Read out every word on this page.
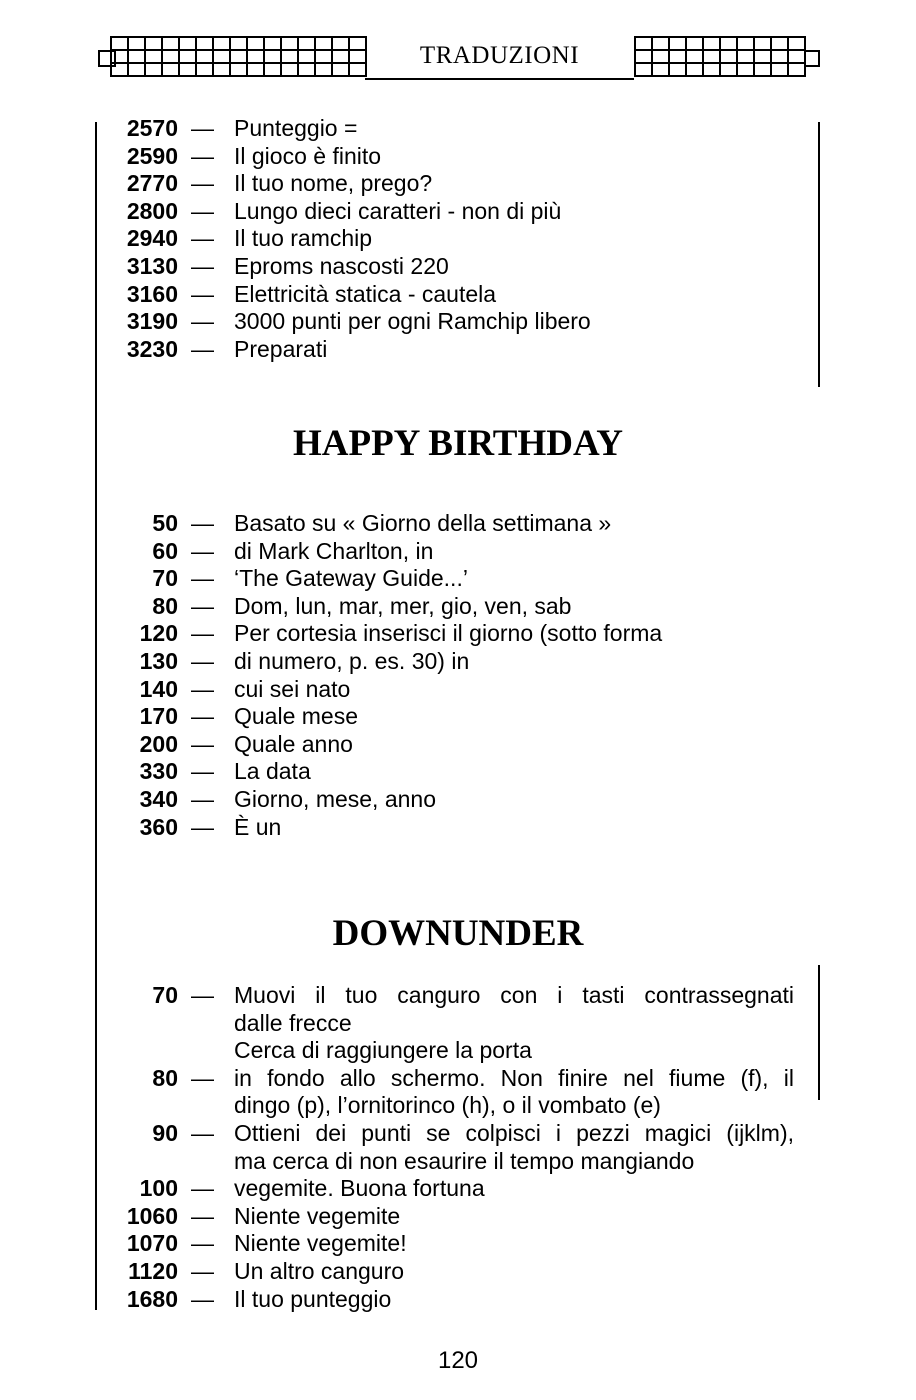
TRADUZIONI
2570 — Punteggio =
2590 — Il gioco è finito
2770 — Il tuo nome, prego?
2800 — Lungo dieci caratteri - non di più
2940 — Il tuo ramchip
3130 — Eproms nascosti 220
3160 — Elettricità statica - cautela
3190 — 3000 punti per ogni Ramchip libero
3230 — Preparati
HAPPY BIRTHDAY
50 — Basato su « Giorno della settimana »
60 — di Mark Charlton, in
70 — ‘The Gateway Guide...’
80 — Dom, lun, mar, mer, gio, ven, sab
120 — Per cortesia inserisci il giorno (sotto forma
130 — di numero, p. es. 30) in
140 — cui sei nato
170 — Quale mese
200 — Quale anno
330 — La data
340 — Giorno, mese, anno
360 — È un
DOWNUNDER
70 — Muovi il tuo canguro con i tasti contrassegnati
dalle frecce
Cerca di raggiungere la porta
80 — in fondo allo schermo. Non finire nel fiume (f), il
dingo (p), l’ornitorinco (h), o il vombato (e)
90 — Ottieni dei punti se colpisci i pezzi magici (ijklm),
ma cerca di non esaurire il tempo mangiando
100 — vegemite. Buona fortuna
1060 — Niente vegemite
1070 — Niente vegemite!
1120 — Un altro canguro
1680 — Il tuo punteggio
120
